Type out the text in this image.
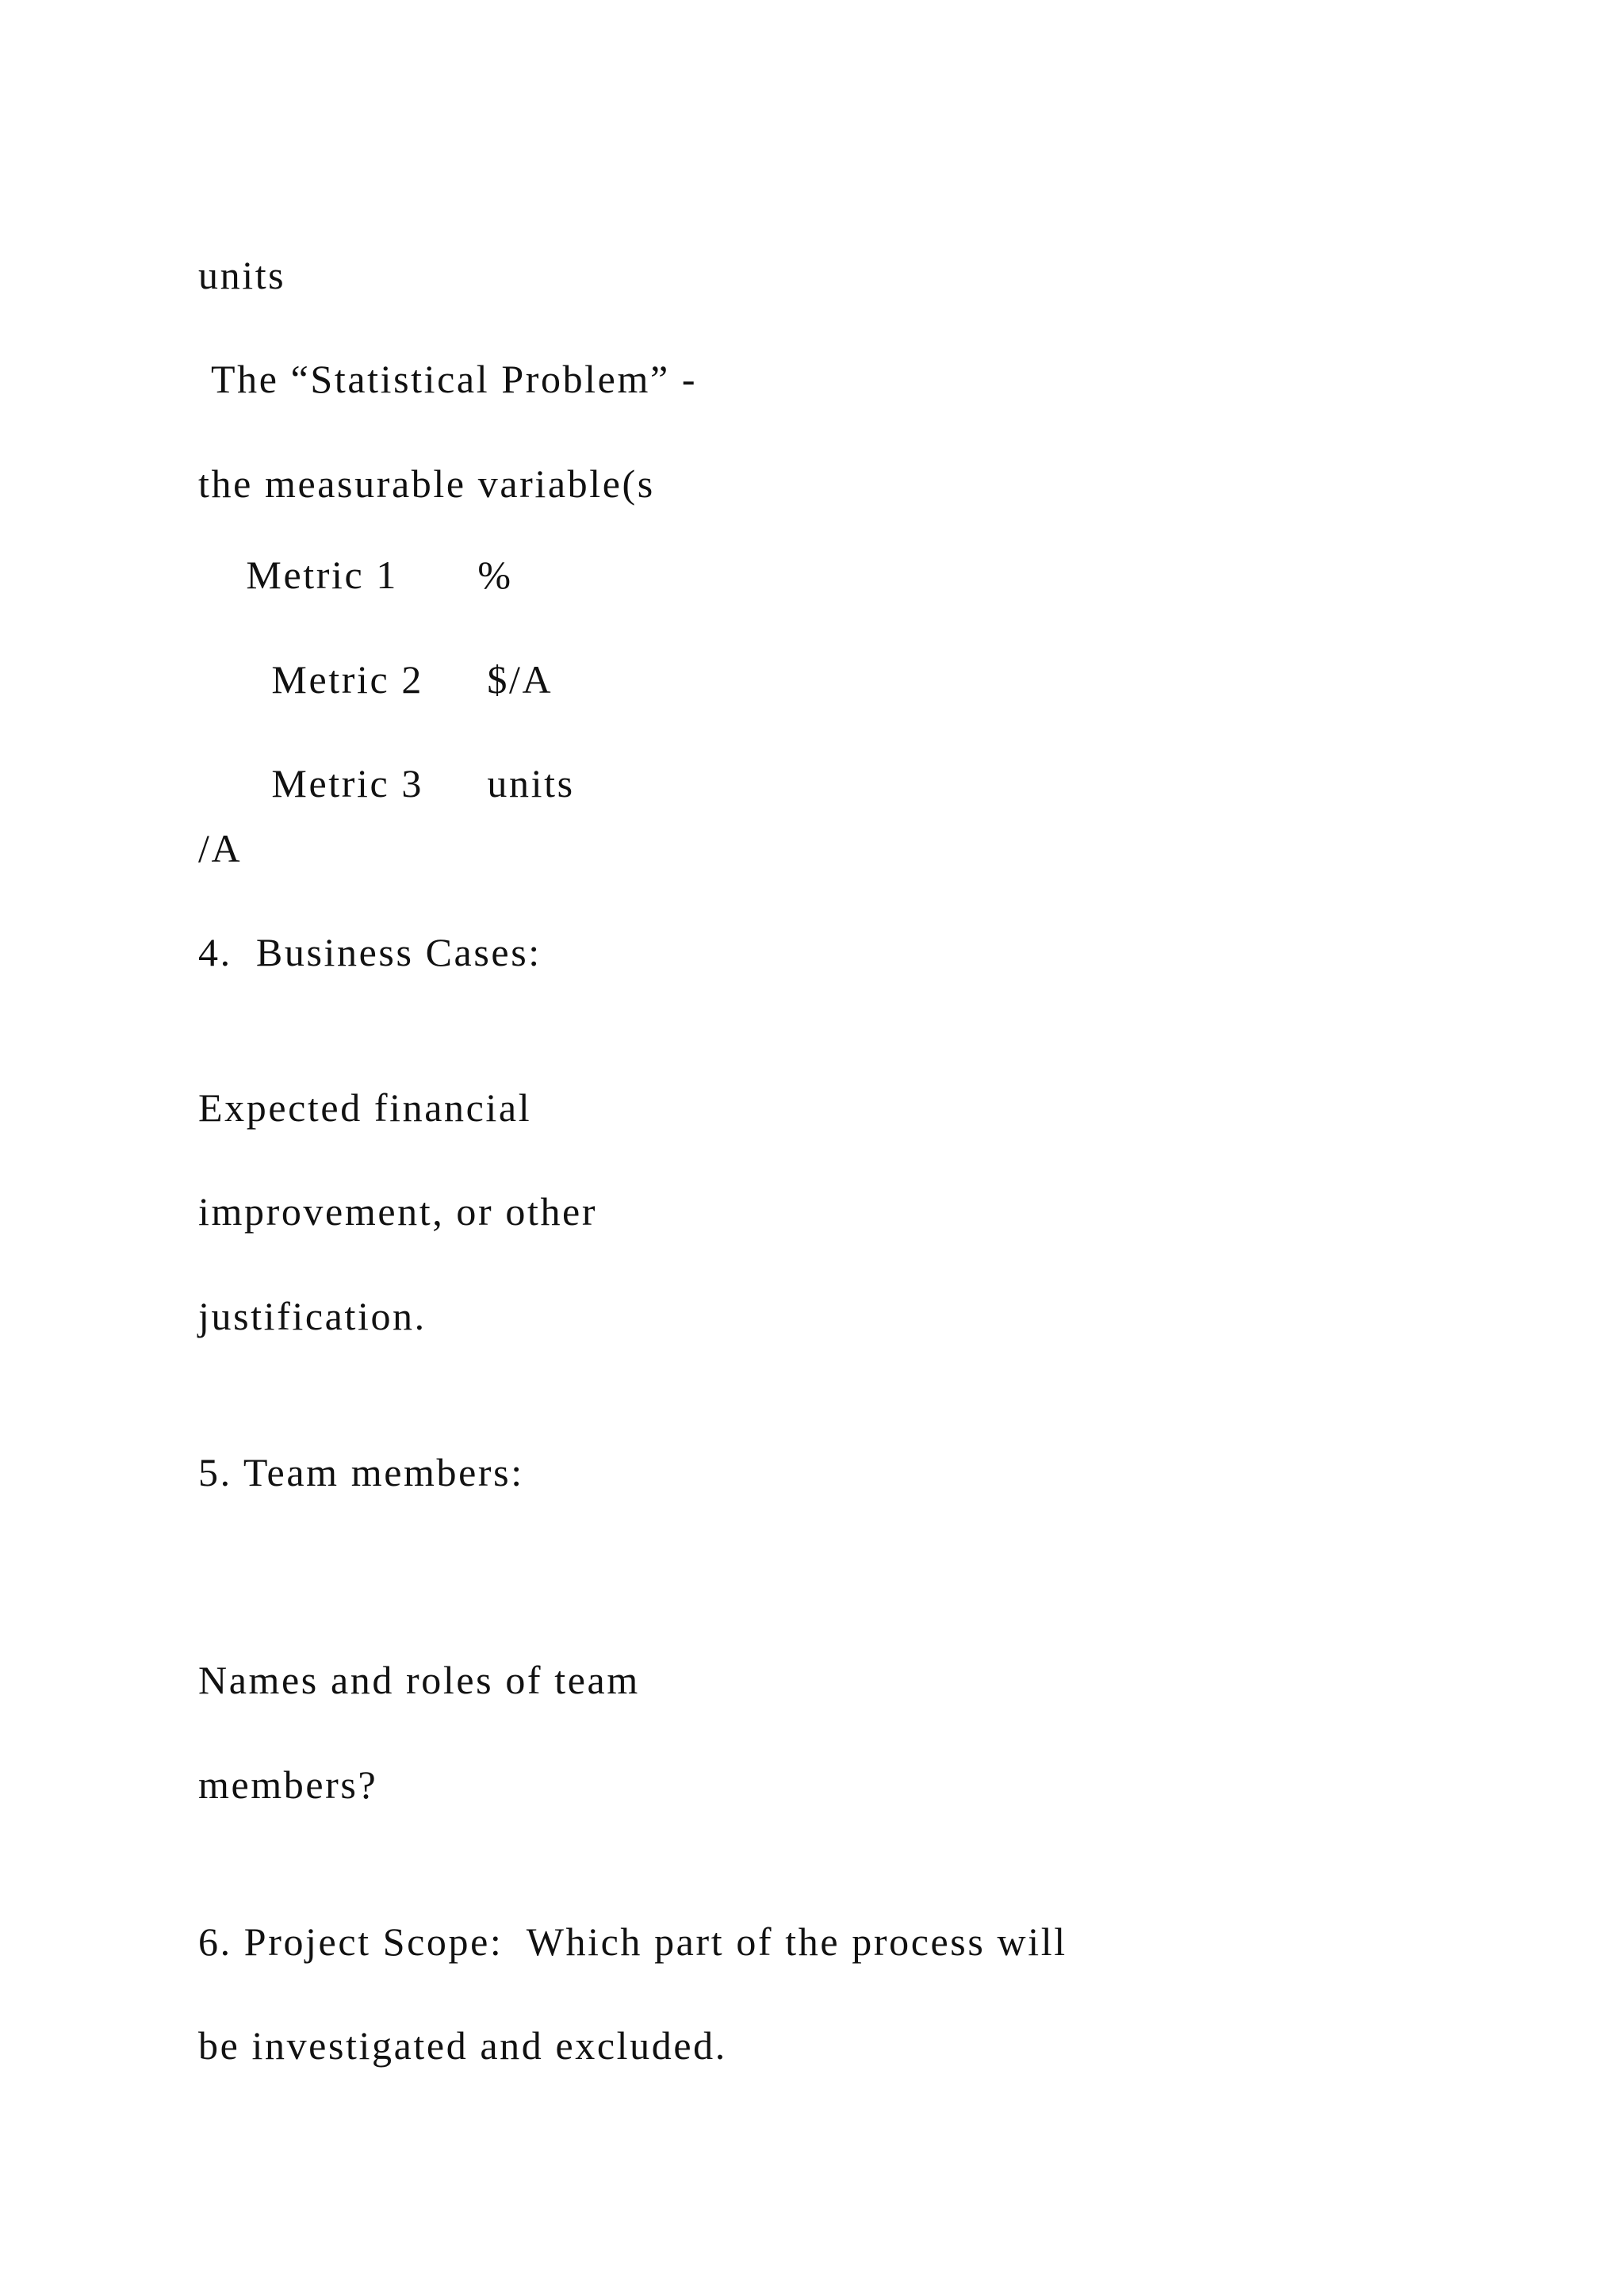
units
The “Statistical Problem” -
the measurable variable(s

Metric 1 %

Metric 2 $/A

Metric 3 units

/A
4.  Business Cases:
Expected financial
improvement, or other
justification.
5. Team members:
Names and roles of team
members?
6. Project Scope:  Which part of the process will
be investigated and excluded.
